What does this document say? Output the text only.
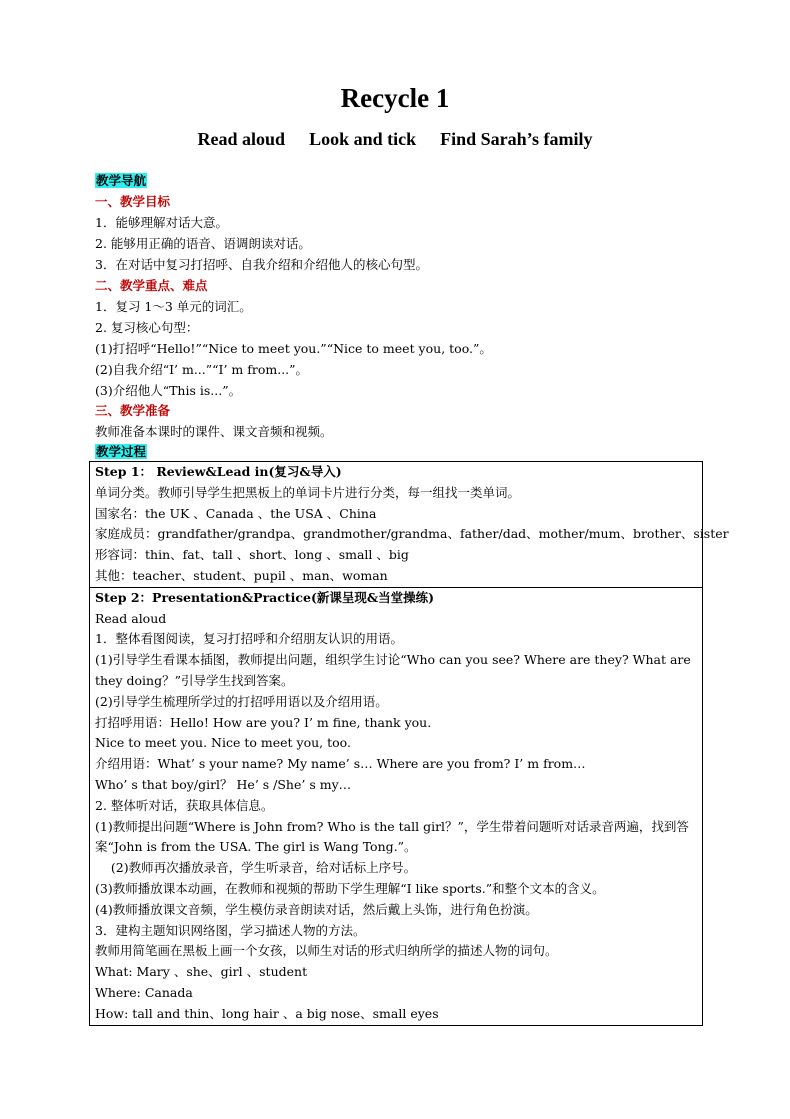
Recycle 1
Read aloud Look and tick Find Sarah’s family
教学导航
一、教学目标
1．能够理解对话大意。
2. 能够用正确的语音、语调朗读对话。
3．在对话中复习打招呼、自我介绍和介绍他人的核心句型。
二、教学重点、难点
1．复习 1～3 单元的词汇。
2. 复习核心句型：
(1)打招呼“Hello!”“Nice to meet you.”“Nice to meet you, too.”。
(2)自我介绍“I’ m...”“I’ m from...”。
(3)介绍他人“This is...”。
三、教学准备
教师准备本课时的课件、课文音频和视频。
教学过程
Step 1： Review&Lead in(复习&导入)
单词分类。教师引导学生把黑板上的单词卡片进行分类，每一组找一类单词。
国家名：the UK 、Canada 、the USA 、China
家庭成员：grandfather/grandpa、grandmother/grandma、father/dad、mother/mum、brother、sister
形容词：thin、fat、tall 、short、long 、small 、big
其他：teacher、student、pupil 、man、woman
Step 2：Presentation&Practice(新课呈现&当堂操练)
Read aloud
1．整体看图阅读，复习打招呼和介绍朋友认识的用语。
(1)引导学生看课本插图，教师提出问题，组织学生讨论“Who can you see? Where are they? What are they doing？”引导学生找到答案。
(2)引导学生梳理所学过的打招呼用语以及介绍用语。
打招呼用语：Hello! How are you? I’ m fine, thank you.
Nice to meet you. Nice to meet you, too.
介绍用语：What’ s your name? My name’ s… Where are you from? I’ m from…
Who’ s that boy/girl？ He’ s /She’ s my…
2. 整体听对话，获取具体信息。
(1)教师提出问题“Where is John from? Who is the tall girl？”，学生带着问题听对话录音两遍，找到答案“John is from the USA. The girl is Wang Tong.”。
(2)教师再次播放录音，学生听录音，给对话标上序号。
(3)教师播放课本动画，在教师和视频的帮助下学生理解“I like sports.”和整个文本的含义。
(4)教师播放课文音频，学生模仿录音朗读对话，然后戴上头饰，进行角色扮演。
3．建构主题知识网络图，学习描述人物的方法。
教师用简笔画在黑板上画一个女孩，以师生对话的形式归纳所学的描述人物的词句。
What: Mary 、she、girl 、student
Where: Canada
How: tall and thin、long hair 、a big nose、small eyes
